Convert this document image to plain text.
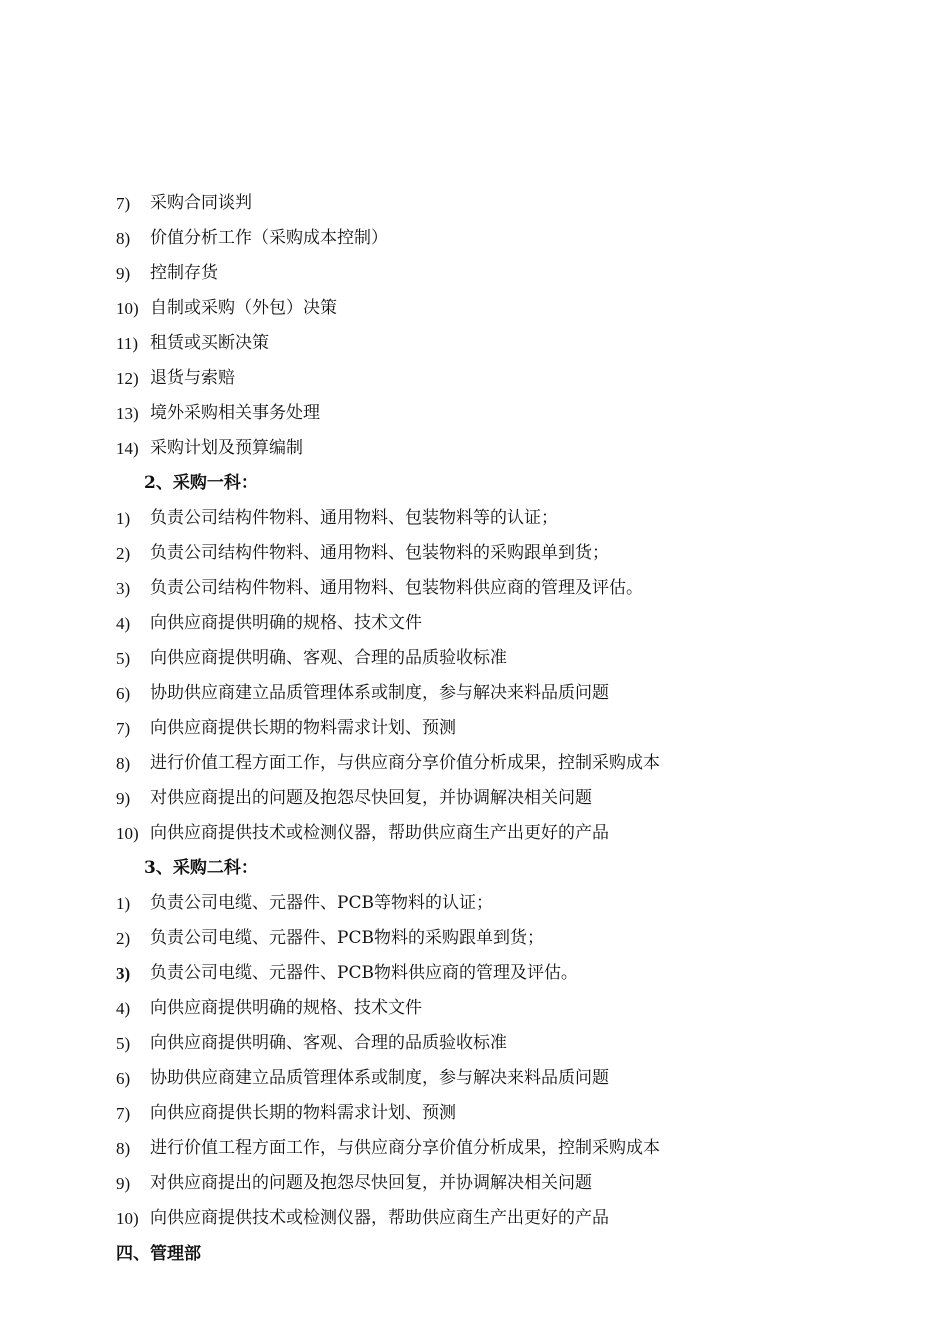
7)	采购合同谈判
8)	价值分析工作（采购成本控制）
9)	控制存货
10) 自制或采购（外包）决策
11) 租赁或买断决策
12) 退货与索赔
13) 境外采购相关事务处理
14) 采购计划及预算编制
2、采购一科：
1)	负责公司结构件物料、通用物料、包装物料等的认证；
2)	负责公司结构件物料、通用物料、包装物料的采购跟单到货；
3)	负责公司结构件物料、通用物料、包装物料供应商的管理及评估。
4)	向供应商提供明确的规格、技术文件
5)	向供应商提供明确、客观、合理的品质验收标准
6)	协助供应商建立品质管理体系或制度，参与解决来料品质问题
7)	向供应商提供长期的物料需求计划、预测
8)	进行价值工程方面工作，与供应商分享价值分析成果，控制采购成本
9)	对供应商提出的问题及抱怨尽快回复，并协调解决相关问题
10) 向供应商提供技术或检测仪器，帮助供应商生产出更好的产品
3、采购二科：
1)	负责公司电缆、元器件、PCB等物料的认证；
2)	负责公司电缆、元器件、PCB物料的采购跟单到货；
3)	负责公司电缆、元器件、PCB物料供应商的管理及评估。
4)	向供应商提供明确的规格、技术文件
5)	向供应商提供明确、客观、合理的品质验收标准
6)	协助供应商建立品质管理体系或制度，参与解决来料品质问题
7)	向供应商提供长期的物料需求计划、预测
8)	进行价值工程方面工作，与供应商分享价值分析成果，控制采购成本
9)	对供应商提出的问题及抱怨尽快回复，并协调解决相关问题
10) 向供应商提供技术或检测仪器，帮助供应商生产出更好的产品
四、管理部
